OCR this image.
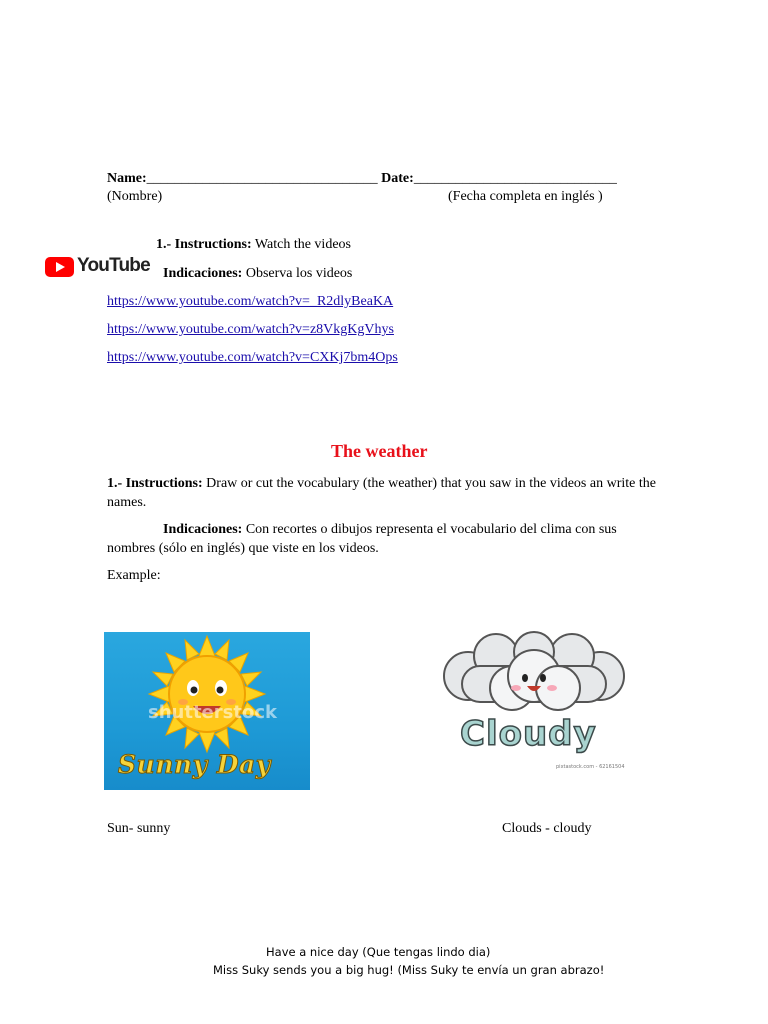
Name:_________________________________ Date:_____________________________
(Nombre)	(Fecha completa en inglés )
YouTube
1.- Instructions: Watch the videos
Indicaciones: Observa los videos
https://www.youtube.com/watch?v=_R2dlyBeaKA
https://www.youtube.com/watch?v=z8VkgKgVhys
https://www.youtube.com/watch?v=CXKj7bm4Ops
The weather
1.- Instructions: Draw or cut the vocabulary (the weather) that you saw in the videos an write the names.
Indicaciones: Con recortes o dibujos representa el vocabulario del clima con sus nombres (sólo en inglés) que viste en los videos.
Example:
shutterstock
Sunny Day
Cloudy
pixtastock.com - 62161504
Sun- sunny	Clouds - cloudy
Have a nice day (Que tengas lindo dia)
Miss Suky sends you a big hug! (Miss Suky te envía un gran abrazo!
